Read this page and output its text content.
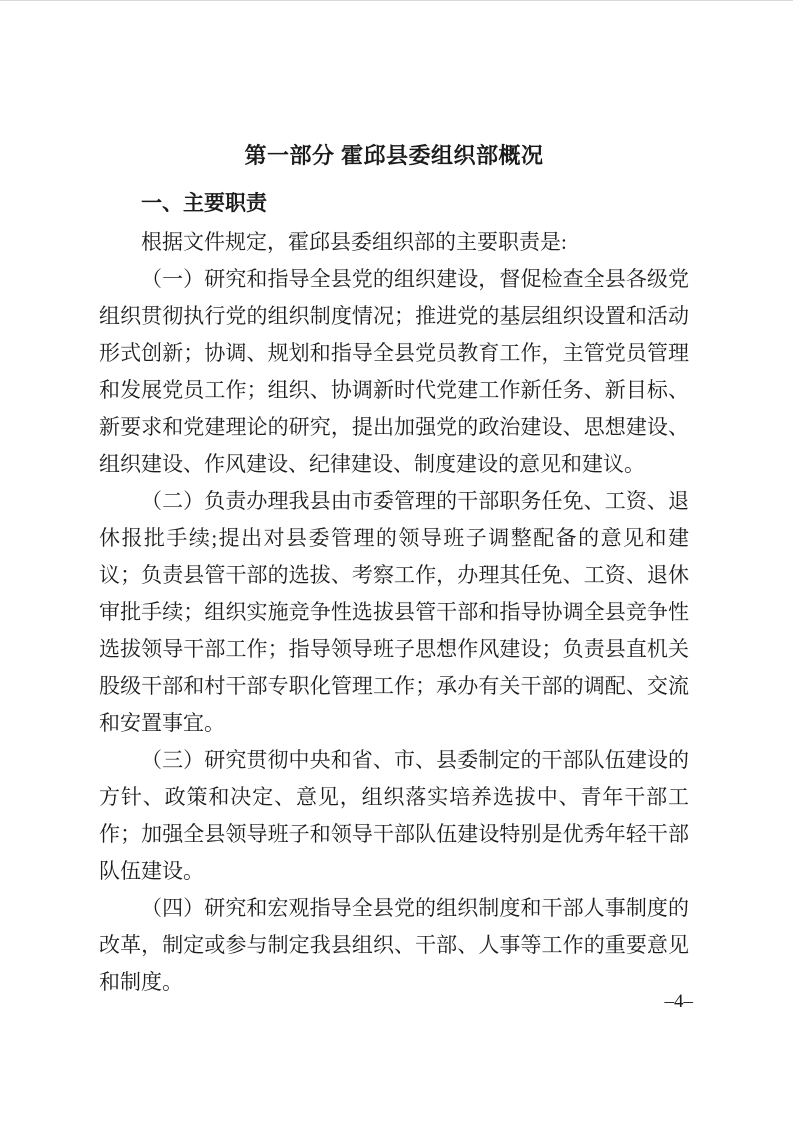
第一部分 霍邱县委组织部概况
一、主要职责

根据文件规定，霍邱县委组织部的主要职责是:

（一）研究和指导全县党的组织建设，督促检查全县各级党组织贯彻执行党的组织制度情况；推进党的基层组织设置和活动形式创新；协调、规划和指导全县党员教育工作，主管党员管理和发展党员工作；组织、协调新时代党建工作新任务、新目标、新要求和党建理论的研究，提出加强党的政治建设、思想建设、组织建设、作风建设、纪律建设、制度建设的意见和建议。

（二）负责办理我县由市委管理的干部职务任免、工资、退休报批手续;提出对县委管理的领导班子调整配备的意见和建议；负责县管干部的选拔、考察工作，办理其任免、工资、退休审批手续；组织实施竞争性选拔县管干部和指导协调全县竞争性选拔领导干部工作；指导领导班子思想作风建设；负责县直机关股级干部和村干部专职化管理工作；承办有关干部的调配、交流和安置事宜。

（三）研究贯彻中央和省、市、县委制定的干部队伍建设的方针、政策和决定、意见，组织落实培养选拔中、青年干部工作；加强全县领导班子和领导干部队伍建设特别是优秀年轻干部队伍建设。

（四）研究和宏观指导全县党的组织制度和干部人事制度的改革，制定或参与制定我县组织、干部、人事等工作的重要意见和制度。

–4–
